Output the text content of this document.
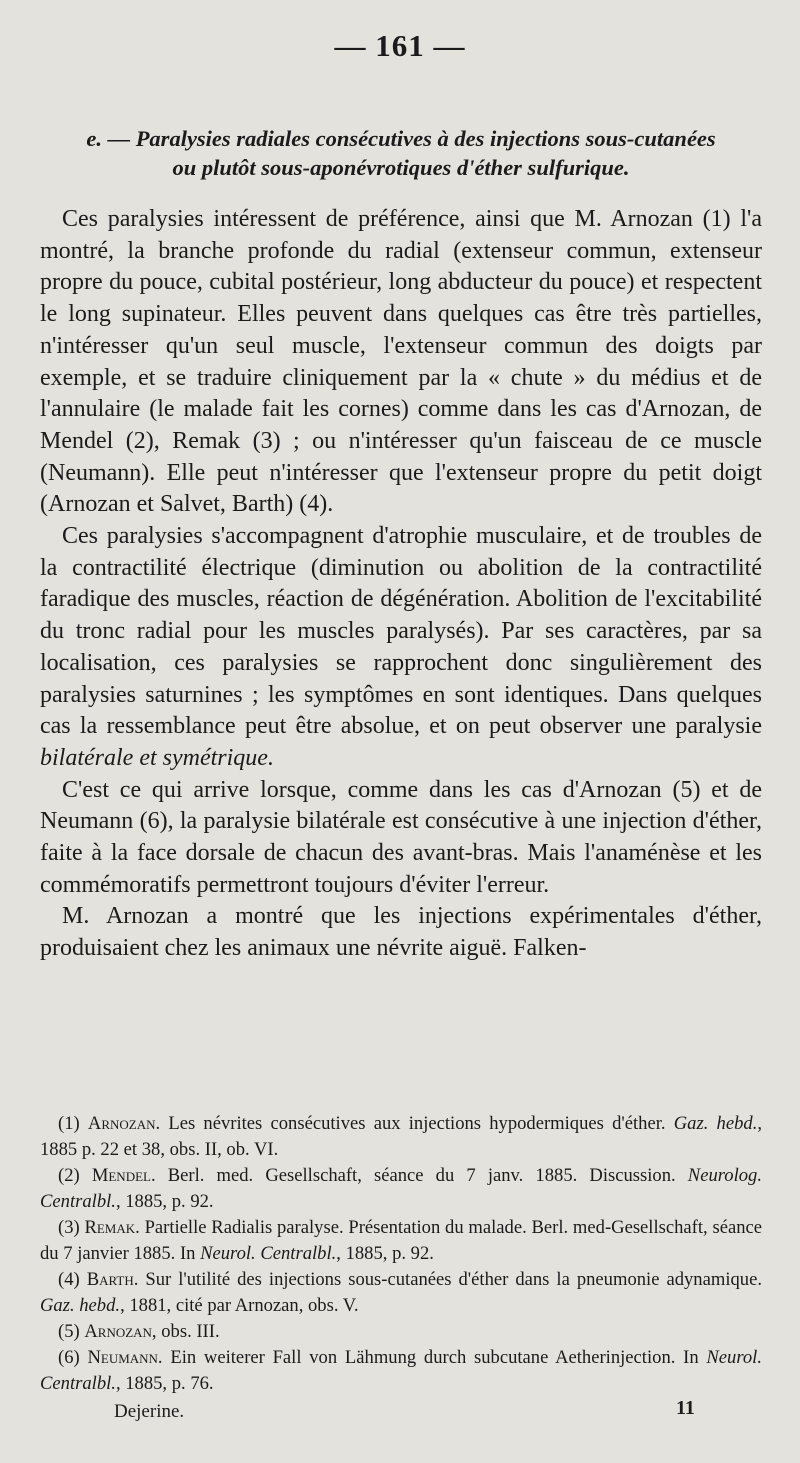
— 161 —
e. — Paralysies radiales consécutives à des injections sous-cutanées
ou plutôt sous-aponévrotiques d'éther sulfurique.

Ces paralysies intéressent de préférence, ainsi que M. Arnozan (1) l'a montré, la branche profonde du radial (extenseur commun, extenseur propre du pouce, cubital postérieur, long abducteur du pouce) et respectent le long supinateur. Elles peuvent dans quelques cas être très partielles, n'intéresser qu'un seul muscle, l'extenseur commun des doigts par exemple, et se traduire cliniquement par la « chute » du médius et de l'annulaire (le malade fait les cornes) comme dans les cas d'Arnozan, de Mendel (2), Remak (3) ; ou n'intéresser qu'un faisceau de ce muscle (Neumann). Elle peut n'intéresser que l'extenseur propre du petit doigt (Arnozan et Salvet, Barth) (4).

Ces paralysies s'accompagnent d'atrophie musculaire, et de troubles de la contractilité électrique (diminution ou abolition de la contractilité faradique des muscles, réaction de dégénération. Abolition de l'excitabilité du tronc radial pour les muscles paralysés). Par ses caractères, par sa localisation, ces paralysies se rapprochent donc singulièrement des paralysies saturnines ; les symptômes en sont identiques. Dans quelques cas la ressemblance peut être absolue, et on peut observer une paralysie bilatérale et symétrique.

C'est ce qui arrive lorsque, comme dans les cas d'Arnozan (5) et de Neumann (6), la paralysie bilatérale est consécutive à une injection d'éther, faite à la face dorsale de chacun des avant-bras. Mais l'anaménèse et les commémoratifs permettront toujours d'éviter l'erreur.

M. Arnozan a montré que les injections expérimentales d'éther, produisaient chez les animaux une névrite aiguë. Falken-

(1) Arnozan. Les névrites consécutives aux injections hypodermiques d'éther. Gaz. hebd., 1885 p. 22 et 38, obs. II, ob. VI.

(2) Mendel. Berl. med. Gesellschaft, séance du 7 janv. 1885. Discussion. Neurolog. Centralbl., 1885, p. 92.

(3) Remak. Partielle Radialis paralyse. Présentation du malade. Berl. med-Gesellschaft, séance du 7 janvier 1885. In Neurol. Centralbl., 1885, p. 92.

(4) Barth. Sur l'utilité des injections sous-cutanées d'éther dans la pneumonie adynamique. Gaz. hebd., 1881, cité par Arnozan, obs. V.

(5) Arnozan, obs. III.

(6) Neumann. Ein weiterer Fall von Lähmung durch subcutane Aetherinjection. In Neurol. Centralbl., 1885, p. 76.

Dejerine.	11
